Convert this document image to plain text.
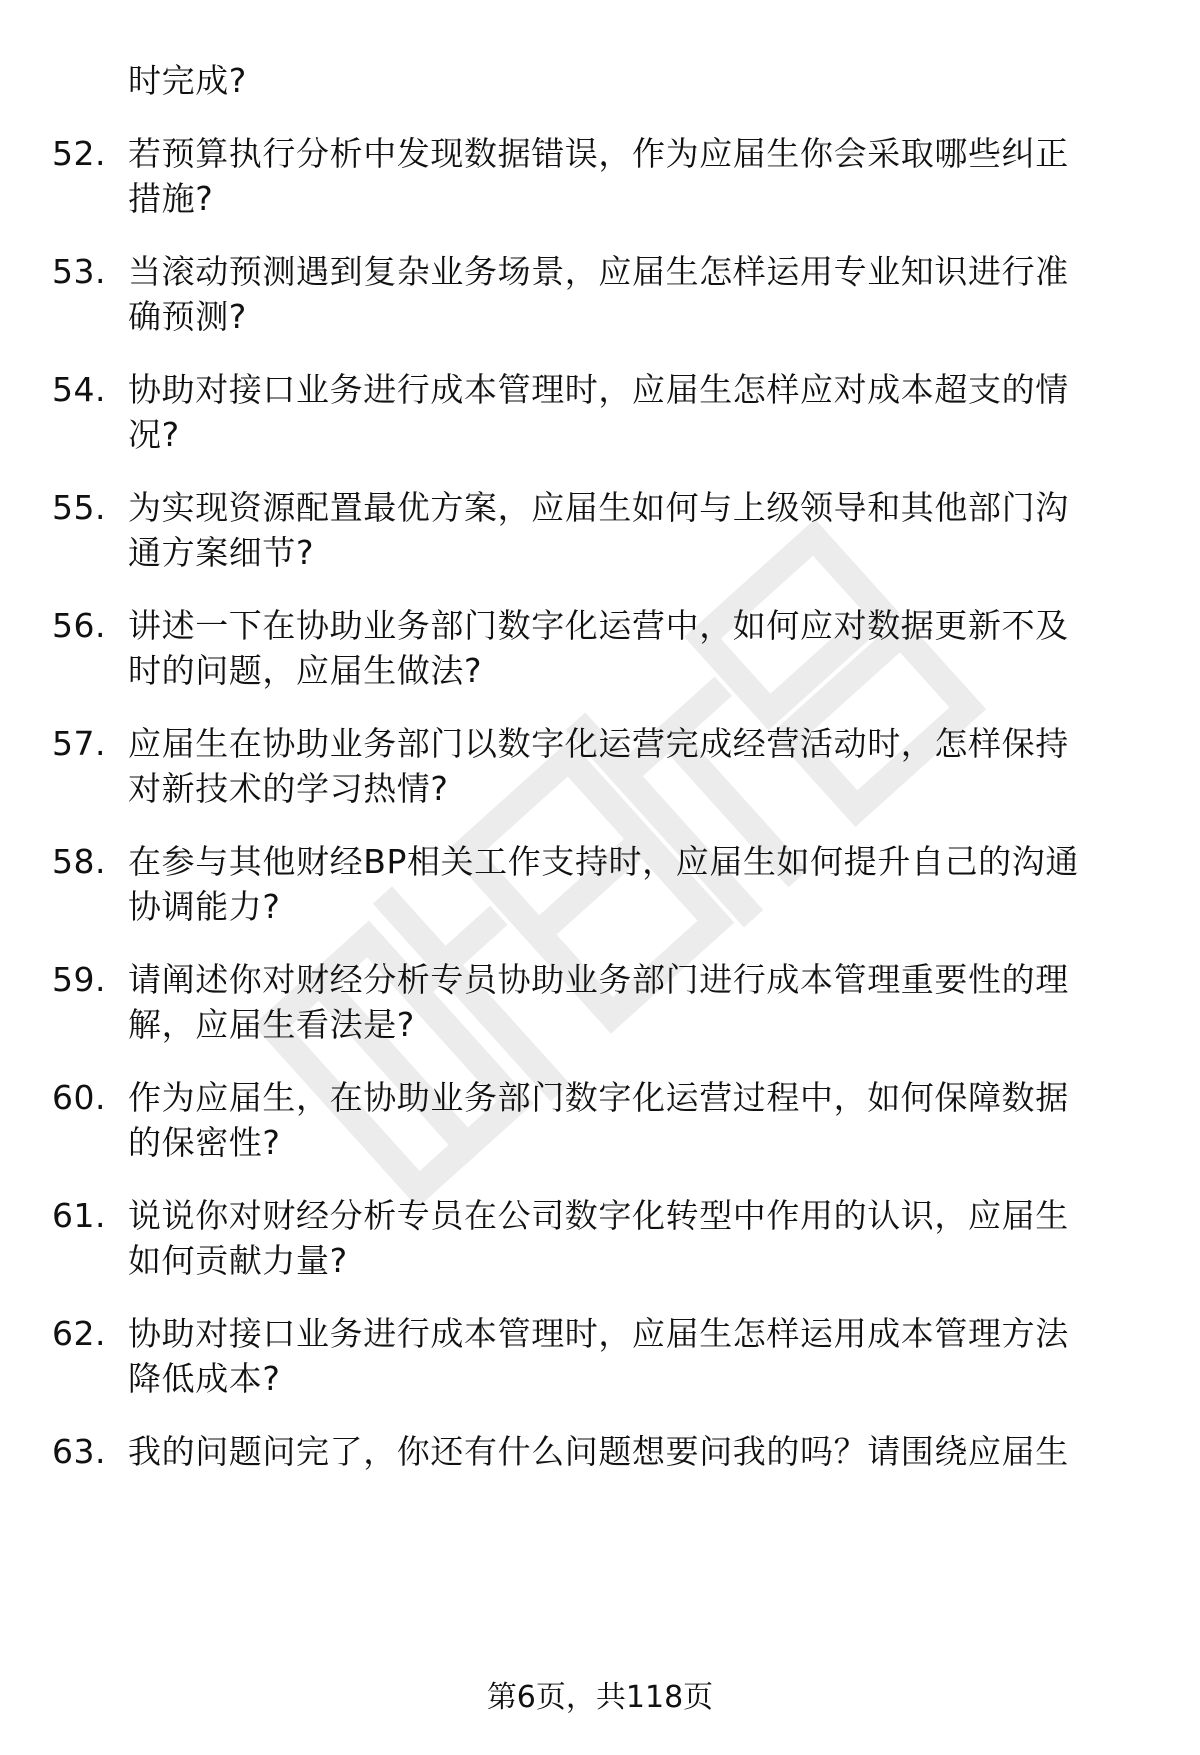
时完成?
52. 若预算执行分析中发现数据错误，作为应届生你会采取哪些纠正
措施?
53. 当滚动预测遇到复杂业务场景，应届生怎样运用专业知识进行准
确预测?
54. 协助对接口业务进行成本管理时，应届生怎样应对成本超支的情
况?
55. 为实现资源配置最优方案，应届生如何与上级领导和其他部门沟
通方案细节?
56. 讲述一下在协助业务部门数字化运营中，如何应对数据更新不及
时的问题，应届生做法?
57. 应届生在协助业务部门以数字化运营完成经营活动时，怎样保持
对新技术的学习热情?
58. 在参与其他财经BP相关工作支持时，应届生如何提升自己的沟通
协调能力?
59. 请阐述你对财经分析专员协助业务部门进行成本管理重要性的理
解，应届生看法是?
60. 作为应届生，在协助业务部门数字化运营过程中，如何保障数据
的保密性?
61. 说说你对财经分析专员在公司数字化转型中作用的认识，应届生
如何贡献力量?
62. 协助对接口业务进行成本管理时，应届生怎样运用成本管理方法
降低成本?
63. 我的问题问完了，你还有什么问题想要问我的吗？请围绕应届生
第6页，共118页
